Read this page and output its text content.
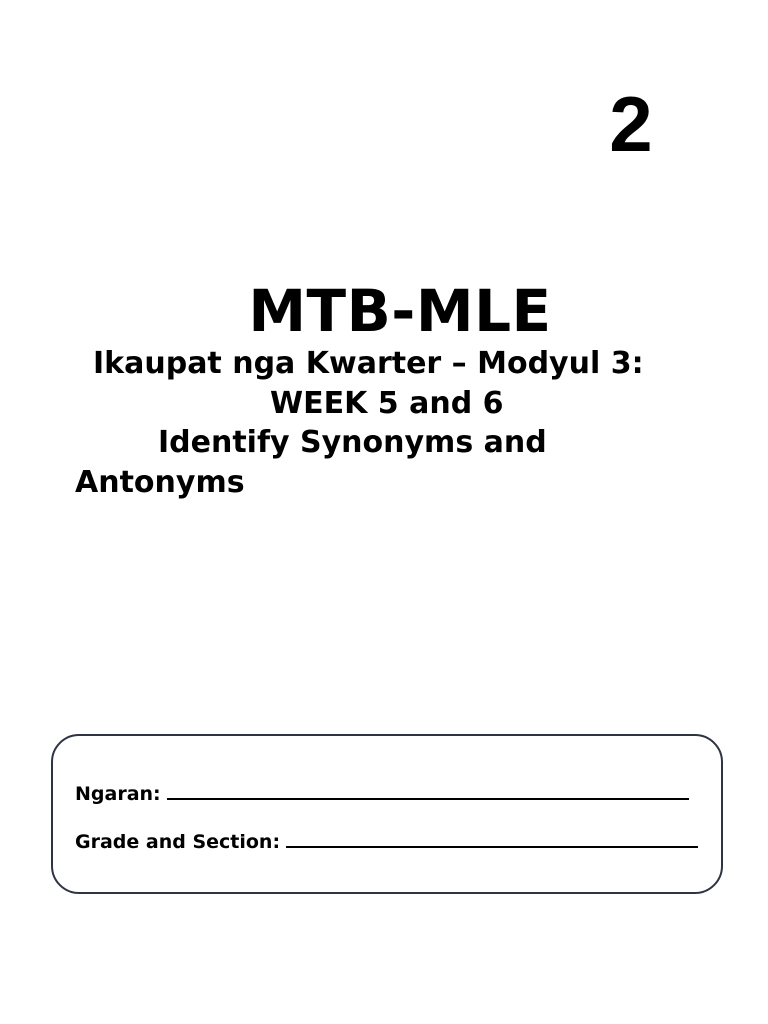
2
MTB-MLE
Ikaupat nga Kwarter – Modyul 3:
WEEK 5 and 6
Identify Synonyms and
Antonyms
Ngaran:
Grade and Section:
